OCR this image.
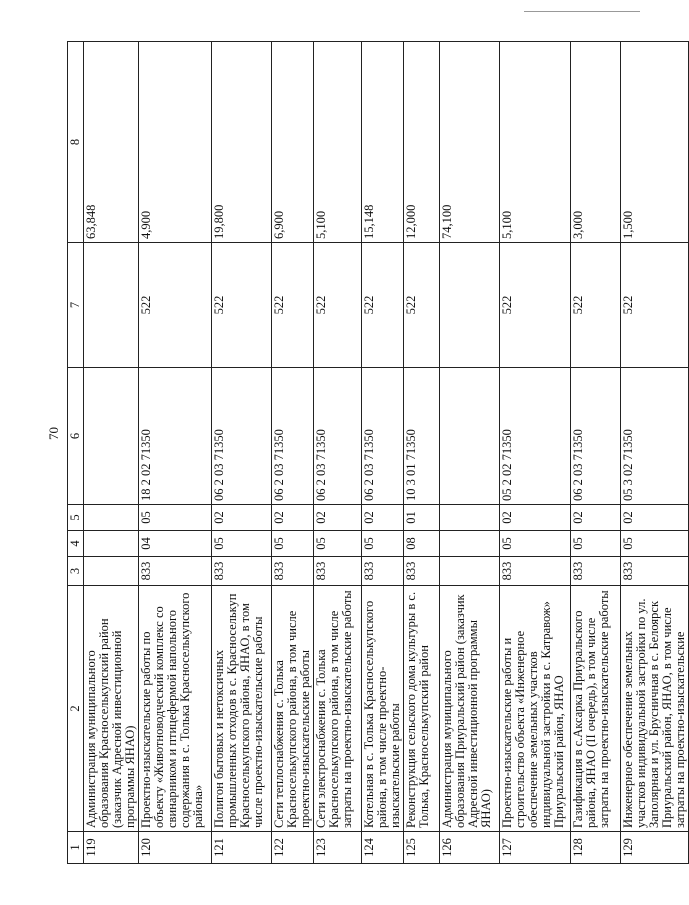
70
1	2	3	4	5	6	7	8
119	Администрация муниципального образования Красноселькупский район (заказчик Адресной инвестиционной программы ЯНАО)						63,848
120	Проектно-изыскательские работы по объекту «Животноводческий комплекс со свинарником и птицефермой напольного содержания в с. Толька Красноселькупского района»	833	04	05	18 2 02 71350	522	4,900
121	Полигон бытовых и нетоксичных промышленных отходов в с. Красноселькуп Красноселькупского района, ЯНАО, в том числе проектно-изыскательские работы	833	05	02	06 2 03 71350	522	19,800
122	Сети теплоснабжения с. Толька Красноселькупского района, в том числе проектно-изыскательские работы	833	05	02	06 2 03 71350	522	6,900
123	Сети электроснабжения с. Толька Красноселькупского района, в том числе затраты на проектно-изыскательские работы	833	05	02	06 2 03 71350	522	5,100
124	Котельная в с. Толька Красноселькупского района, в том числе проектно-изыскательские работы	833	05	02	06 2 03 71350	522	15,148
125	Реконструкция сельского дома культуры в с. Толька, Красноселькупский район	833	08	01	10 3 01 71350	522	12,000
126	Администрация муниципального образования Приуральский район (заказчик Адресной инвестиционной программы ЯНАО)						74,100
127	Проектно-изыскательские работы и строительство объекта «Инженерное обеспечение земельных участков индивидуальной застройки в с. Катравож» Приуральский район, ЯНАО	833	05	02	05 2 02 71350	522	5,100
128	Газификация в с.Аксарка Приуральского района, ЯНАО (II очередь), в том числе затраты на проектно-изыскательские работы	833	05	02	06 2 03 71350	522	3,000
129	Инженерное обеспечение земельных участков индивидуальной застройки по ул. Заполярная и ул. Брусничная в с. Белоярск Приуральский район, ЯНАО, в том числе затраты на проектно-изыскательские	833	05	02	05 3 02 71350	522	1,500
